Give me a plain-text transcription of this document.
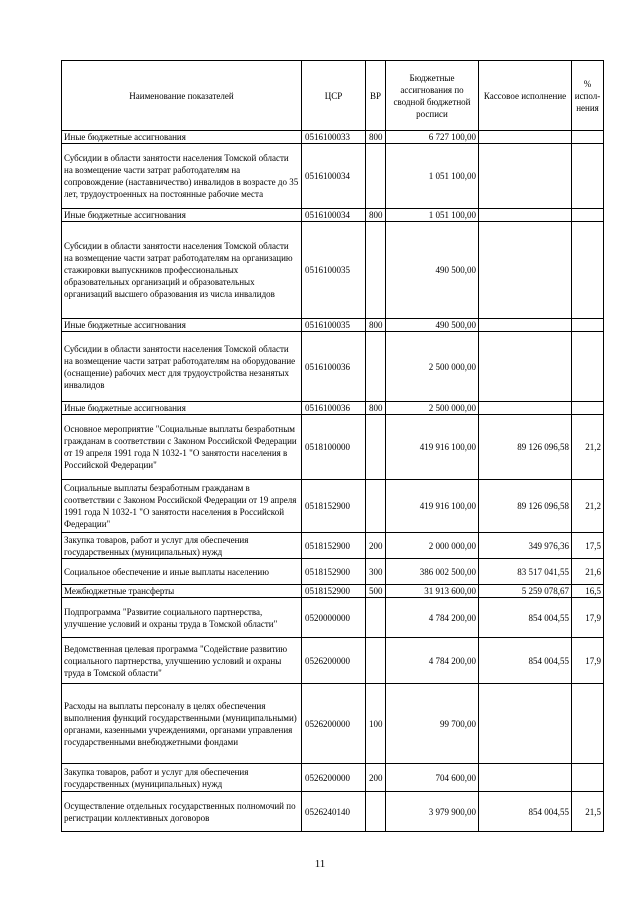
Наименование показателей	ЦСР	ВР	Бюджетные ассигнования по сводной бюджетной росписи	Кассовое исполнение	% испол-нения
Иные бюджетные ассигнования	0516100033	800	6 727 100,00		
Субсидии в области занятости населения Томской области на возмещение части затрат работодателям на сопровождение (наставничество) инвалидов в возрасте до 35 лет, трудоустроенных на постоянные рабочие места	0516100034		1 051 100,00		
Иные бюджетные ассигнования	0516100034	800	1 051 100,00		
Субсидии в области занятости населения Томской области на возмещение части затрат работодателям на организацию стажировки выпускников профессиональных образовательных организаций и образовательных организаций высшего образования из числа инвалидов	0516100035		490 500,00		
Иные бюджетные ассигнования	0516100035	800	490 500,00		
Субсидии в области занятости населения Томской области на возмещение части затрат работодателям на оборудование (оснащение) рабочих мест для трудоустройства незанятых инвалидов	0516100036		2 500 000,00		
Иные бюджетные ассигнования	0516100036	800	2 500 000,00		
Основное мероприятие "Социальные выплаты безработным гражданам в соответствии с Законом Российской Федерации от 19 апреля 1991 года N 1032-1 "О занятости населения в Российской Федерации"	0518100000		419 916 100,00	89 126 096,58	21,2
Социальные выплаты безработным гражданам в соответствии с Законом Российской Федерации от 19 апреля 1991 года N 1032-1 "О занятости населения в Российской Федерации"	0518152900		419 916 100,00	89 126 096,58	21,2
Закупка товаров, работ и услуг для обеспечения государственных (муниципальных) нужд	0518152900	200	2 000 000,00	349 976,36	17,5
Социальное обеспечение и иные выплаты населению	0518152900	300	386 002 500,00	83 517 041,55	21,6
Межбюджетные трансферты	0518152900	500	31 913 600,00	5 259 078,67	16,5
Подпрограмма "Развитие социального партнерства, улучшение условий и охраны труда в Томской области"	0520000000		4 784 200,00	854 004,55	17,9
Ведомственная целевая программа "Содействие развитию социального партнерства, улучшению условий и охраны труда в Томской области"	0526200000		4 784 200,00	854 004,55	17,9
Расходы на выплаты персоналу в целях обеспечения выполнения функций государственными (муниципальными) органами, казенными учреждениями, органами управления государственными внебюджетными фондами	0526200000	100	99 700,00		
Закупка товаров, работ и услуг для обеспечения государственных (муниципальных) нужд	0526200000	200	704 600,00		
Осуществление отдельных государственных полномочий по регистрации коллективных договоров	0526240140		3 979 900,00	854 004,55	21,5
11
